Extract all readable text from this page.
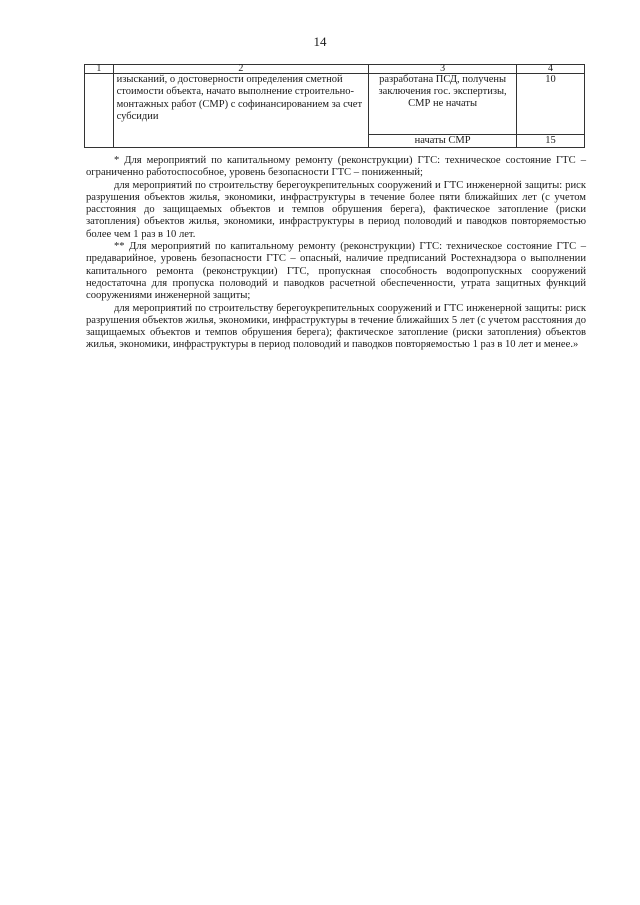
14
1	2	3	4
	изысканий, о достоверности определения сметной стоимости объекта, начато выполнение строительно-монтажных работ (СМР) с софинансированием за счет субсидии	разработана ПСД, получены заключения гос. экспертизы, СМР не начаты	10
		начаты СМР	15

* Для мероприятий по капитальному ремонту (реконструкции) ГТС: техническое состояние ГТС – ограниченно работоспособное, уровень безопасности ГТС – пониженный;

для мероприятий по строительству берегоукрепительных сооружений и ГТС инженерной защиты: риск разрушения объектов жилья, экономики, инфраструктуры в течение более пяти ближайших лет (с учетом расстояния до защищаемых объектов и темпов обрушения берега), фактическое затопление (риски затопления) объектов жилья, экономики, инфраструктуры в период половодий и паводков повторяемостью более чем 1 раз в 10 лет.

** Для мероприятий по капитальному ремонту (реконструкции) ГТС: техническое состояние ГТС – предаварийное, уровень безопасности ГТС – опасный, наличие предписаний Ростехнадзора о выполнении капитального ремонта (реконструкции) ГТС, пропускная способность водопропускных сооружений недостаточна для пропуска половодий и паводков расчетной обеспеченности, утрата защитных функций сооружениями инженерной защиты;

для мероприятий по строительству берегоукрепительных сооружений и ГТС инженерной защиты: риск разрушения объектов жилья, экономики, инфраструктуры в течение ближайших 5 лет (с учетом расстояния до защищаемых объектов и темпов обрушения берега); фактическое затопление (риски затопления) объектов жилья, экономики, инфраструктуры в период половодий и паводков повторяемостью 1 раз в 10 лет и менее.»
